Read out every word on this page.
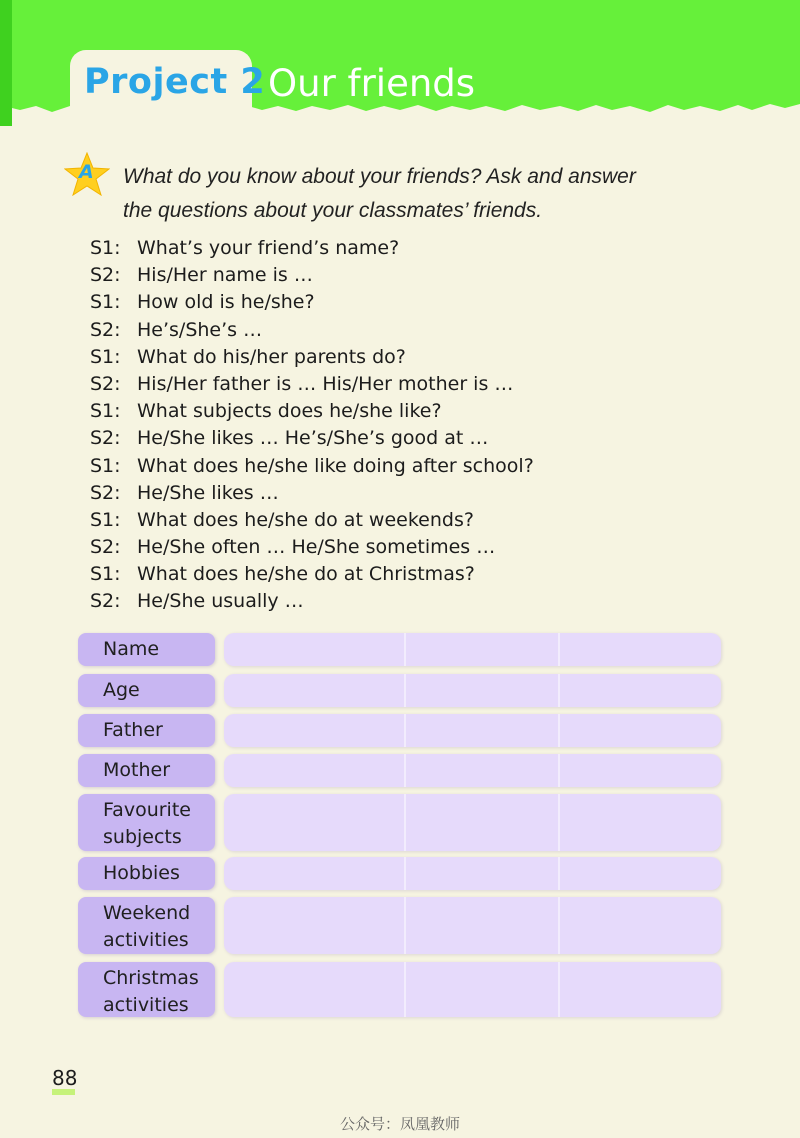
Project 2 Our friends
A What do you know about your friends? Ask and answer
the questions about your classmates’ friends.
S1: What’s your friend’s name?
S2: His/Her name is …
S1: How old is he/she?
S2: He’s/She’s …
S1: What do his/her parents do?
S2: His/Her father is … His/Her mother is …
S1: What subjects does he/she like?
S2: He/She likes … He’s/She’s good at …
S1: What does he/she like doing after school?
S2: He/She likes …
S1: What does he/she do at weekends?
S2: He/She often … He/She sometimes …
S1: What does he/she do at Christmas?
S2: He/She usually …
Name
Age
Father
Mother
Favourite
subjects
Hobbies
Weekend
activities
Christmas
activities
88
公众号：凤凰教师
